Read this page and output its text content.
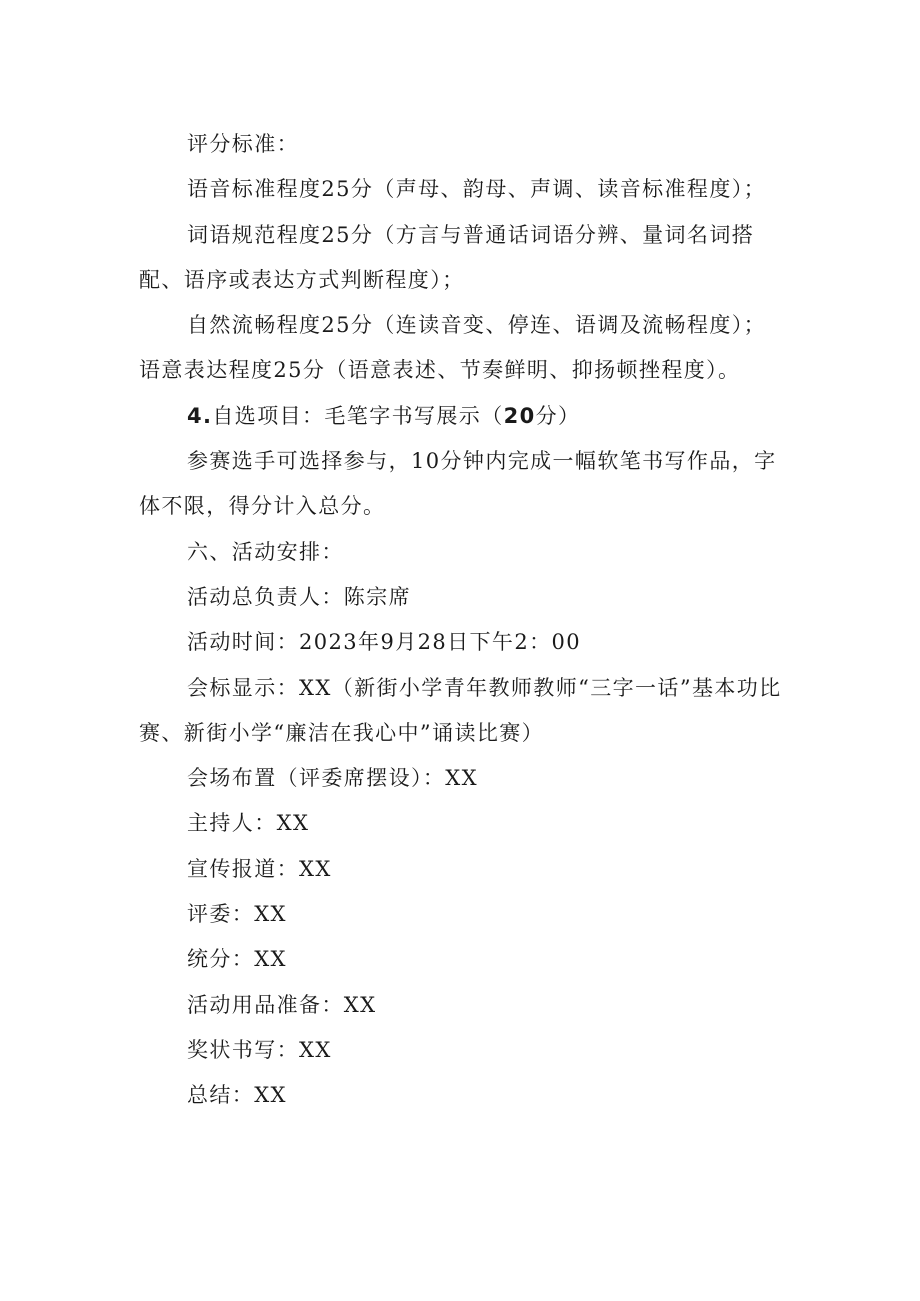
评分标准：

语音标准程度25分（声母、韵母、声调、读音标准程度）；

词语规范程度25分（方言与普通话词语分辨、量词名词搭配、语序或表达方式判断程度）；

自然流畅程度25分（连读音变、停连、语调及流畅程度）；

语意表达程度25分（语意表述、节奏鲜明、抑扬顿挫程度）。

4.自选项目：毛笔字书写展示（20分）

参赛选手可选择参与，10分钟内完成一幅软笔书写作品，字体不限，得分计入总分。

六、活动安排：

活动总负责人：陈宗席

活动时间：2023年9月28日下午2：00

会标显示：XX（新街小学青年教师教师“三字一话”基本功比赛、新街小学“廉洁在我心中”诵读比赛）

会场布置（评委席摆设）：XX

主持人：XX

宣传报道：XX

评委：XX

统分：XX

活动用品准备：XX

奖状书写：XX

总结：XX
